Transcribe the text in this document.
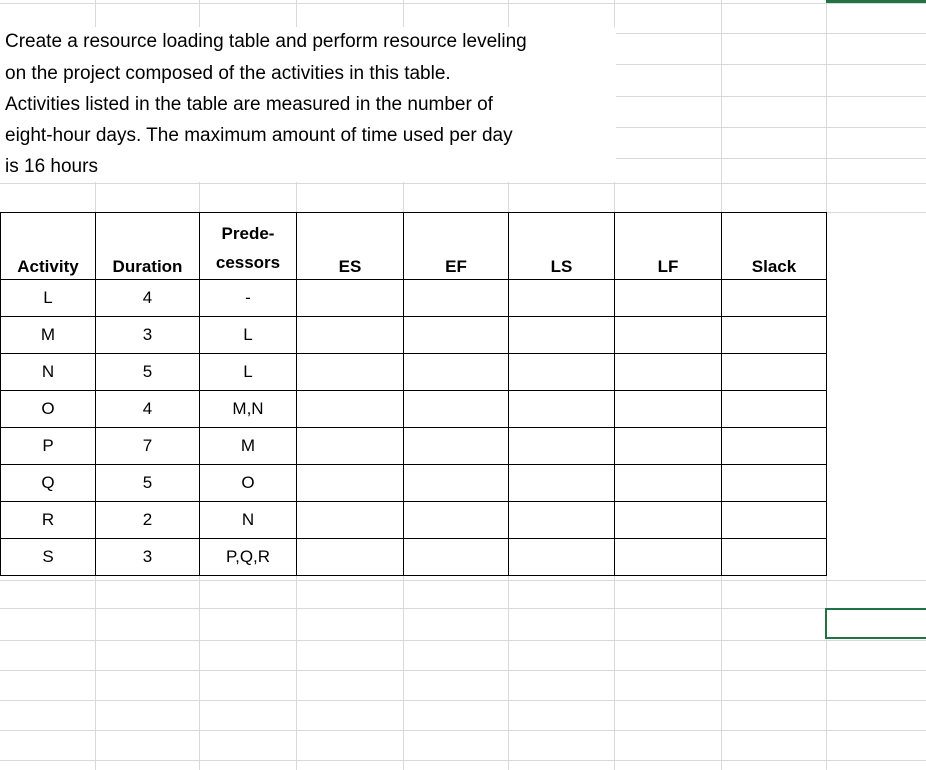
Create a resource loading table and perform resource leveling
on the project composed of the activities in this table.
Activities listed in the table are measured in the number of
eight-hour days. The maximum amount of time used per day
is 16 hours
Activity	Duration	Prede-
cessors	ES	EF	LS	LF	Slack
L	4	-					
M	3	L					
N	5	L					
O	4	M,N					
P	7	M					
Q	5	O					
R	2	N					
S	3	P,Q,R					
